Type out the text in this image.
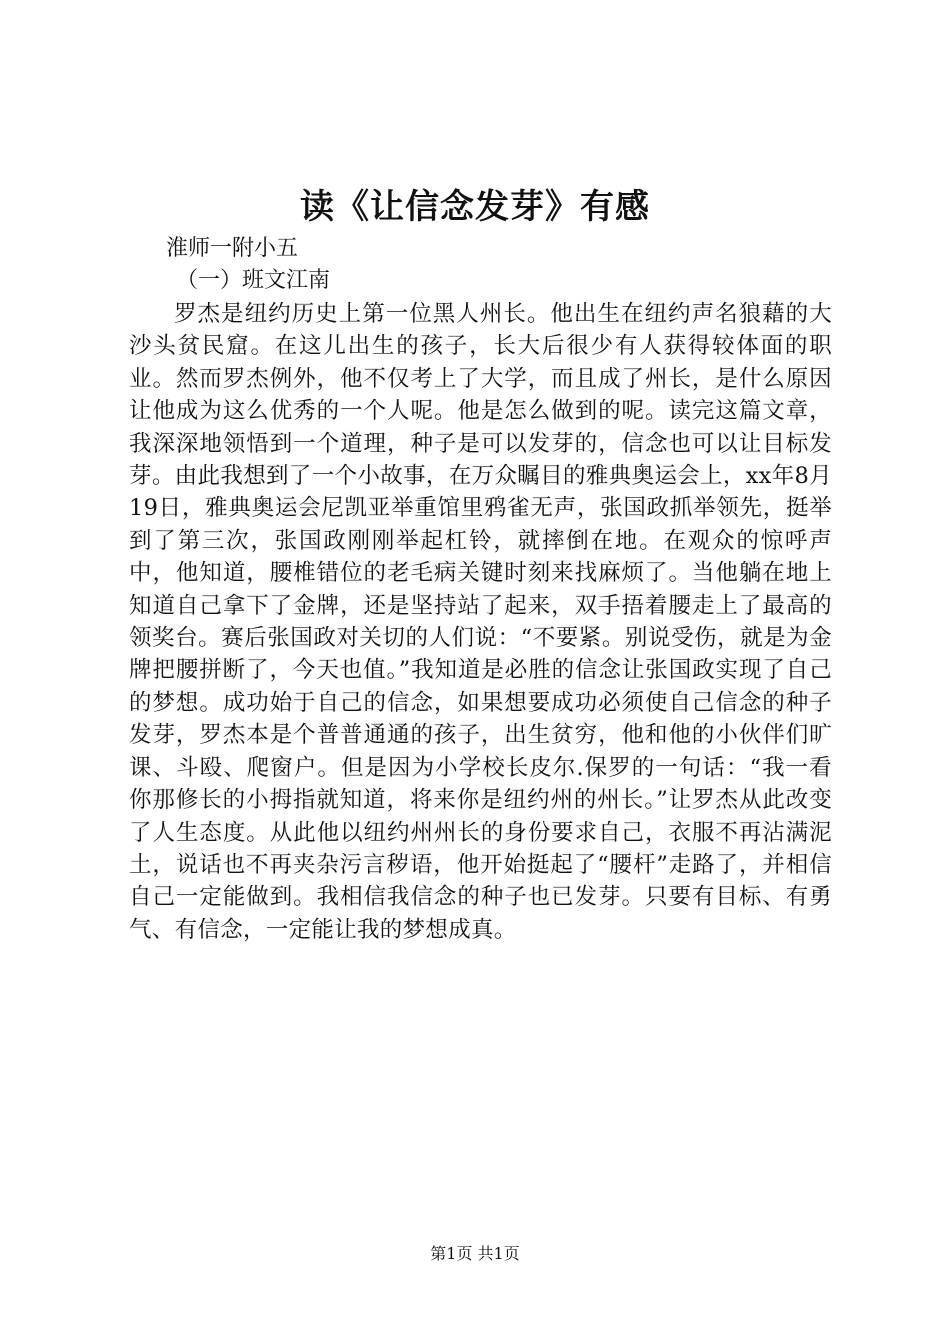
读《让信念发芽》有感
淮师一附小五
（一）班文江南

罗杰是纽约历史上第一位黑人州长。他出生在纽约声名狼藉的大沙头贫民窟。在这儿出生的孩子，长大后很少有人获得较体面的职业。然而罗杰例外，他不仅考上了大学，而且成了州长，是什么原因让他成为这么优秀的一个人呢。他是怎么做到的呢。读完这篇文章，我深深地领悟到一个道理，种子是可以发芽的，信念也可以让目标发芽。由此我想到了一个小故事，在万众瞩目的雅典奥运会上，xx年8月19日，雅典奥运会尼凯亚举重馆里鸦雀无声，张国政抓举领先，挺举到了第三次，张国政刚刚举起杠铃，就摔倒在地。在观众的惊呼声中，他知道，腰椎错位的老毛病关键时刻来找麻烦了。当他躺在地上知道自己拿下了金牌，还是坚持站了起来，双手捂着腰走上了最高的领奖台。赛后张国政对关切的人们说：“不要紧。别说受伤，就是为金牌把腰拼断了，今天也值。”我知道是必胜的信念让张国政实现了自己的梦想。成功始于自己的信念，如果想要成功必须使自己信念的种子发芽，罗杰本是个普普通通的孩子，出生贫穷，他和他的小伙伴们旷课、斗殴、爬窗户。但是因为小学校长皮尔.保罗的一句话：“我一看你那修长的小拇指就知道，将来你是纽约州的州长。”让罗杰从此改变了人生态度。从此他以纽约州州长的身份要求自己，衣服不再沾满泥土，说话也不再夹杂污言秽语，他开始挺起了“腰杆”走路了，并相信自己一定能做到。我相信我信念的种子也已发芽。只要有目标、有勇气、有信念，一定能让我的梦想成真。

第1页 共1页
